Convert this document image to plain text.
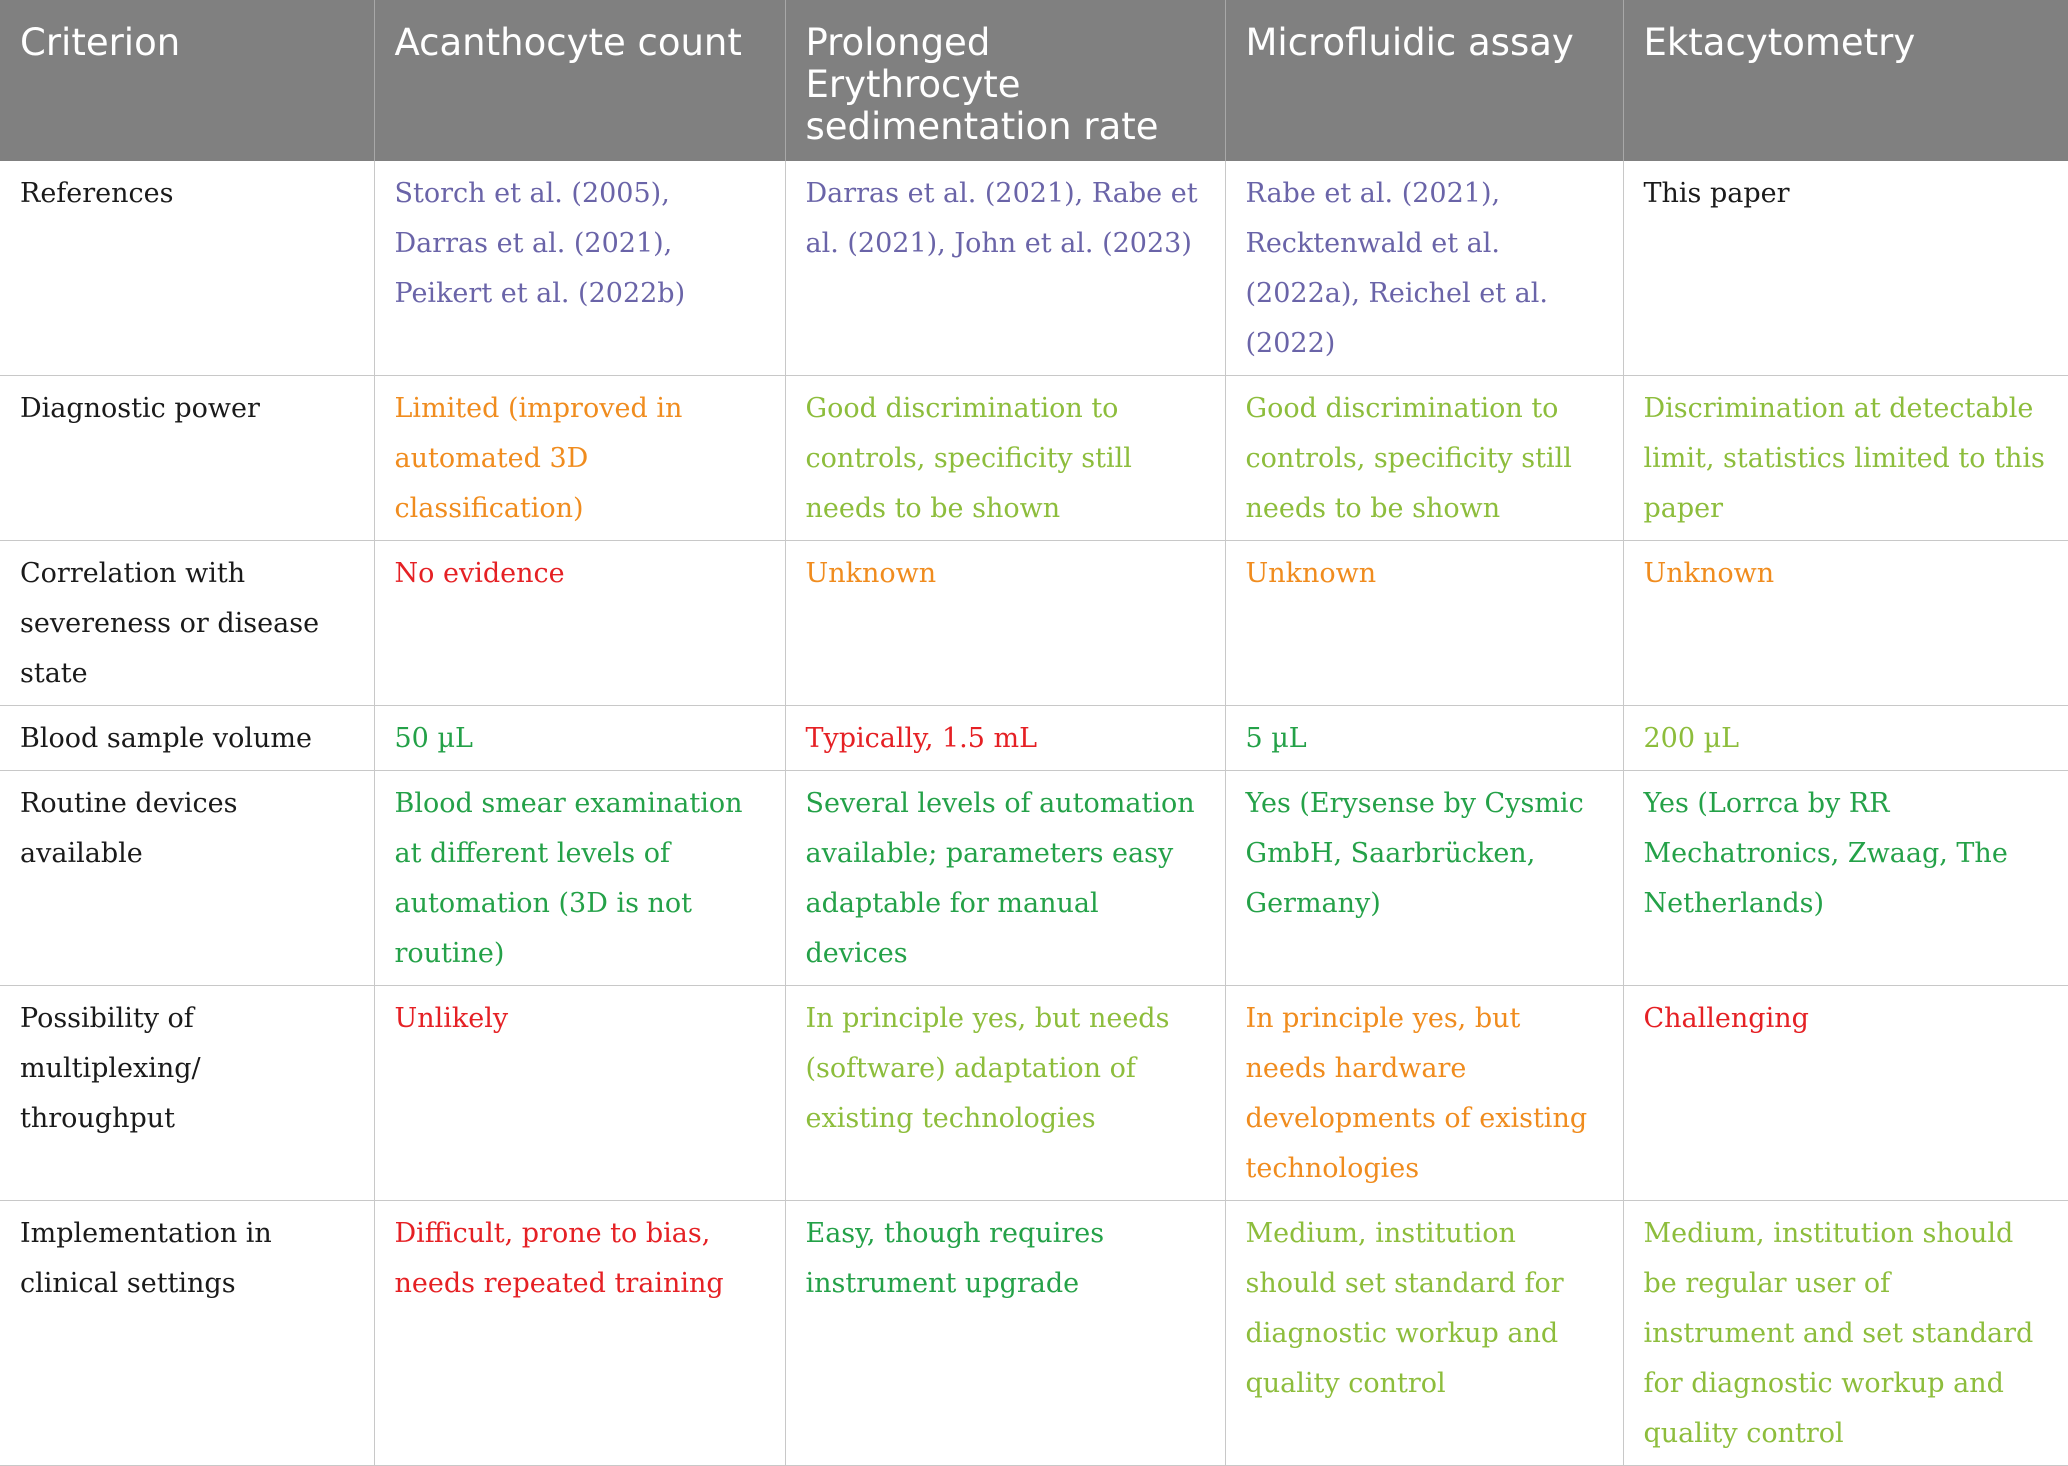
Criterion	Acanthocyte count	Prolonged Erythrocyte sedimentation rate	Microfluidic assay	Ektacytometry
References	Storch et al. (2005), Darras et al. (2021), Peikert et al. (2022b)	Darras et al. (2021), Rabe et al. (2021), John et al. (2023)	Rabe et al. (2021), Recktenwald et al. (2022a), Reichel et al. (2022)	This paper
Diagnostic power	Limited (improved in automated 3D classification)	Good discrimination to controls, specificity still needs to be shown	Good discrimination to controls, specificity still needs to be shown	Discrimination at detectable limit, statistics limited to this paper
Correlation with severeness or disease state	No evidence	Unknown	Unknown	Unknown
Blood sample volume	50 µL	Typically, 1.5 mL	5 µL	200 µL
Routine devices available	Blood smear examination at different levels of automation (3D is not routine)	Several levels of automation available; parameters easy adaptable for manual devices	Yes (Erysense by Cysmic GmbH, Saarbrücken, Germany)	Yes (Lorrca by RR Mechatronics, Zwaag, The Netherlands)
Possibility of multiplexing/ throughput	Unlikely	In principle yes, but needs (software) adaptation of existing technologies	In principle yes, but needs hardware developments of existing technologies	Challenging
Implementation in clinical settings	Difficult, prone to bias, needs repeated training	Easy, though requires instrument upgrade	Medium, institution should set standard for diagnostic workup and quality control	Medium, institution should be regular user of instrument and set standard for diagnostic workup and quality control
